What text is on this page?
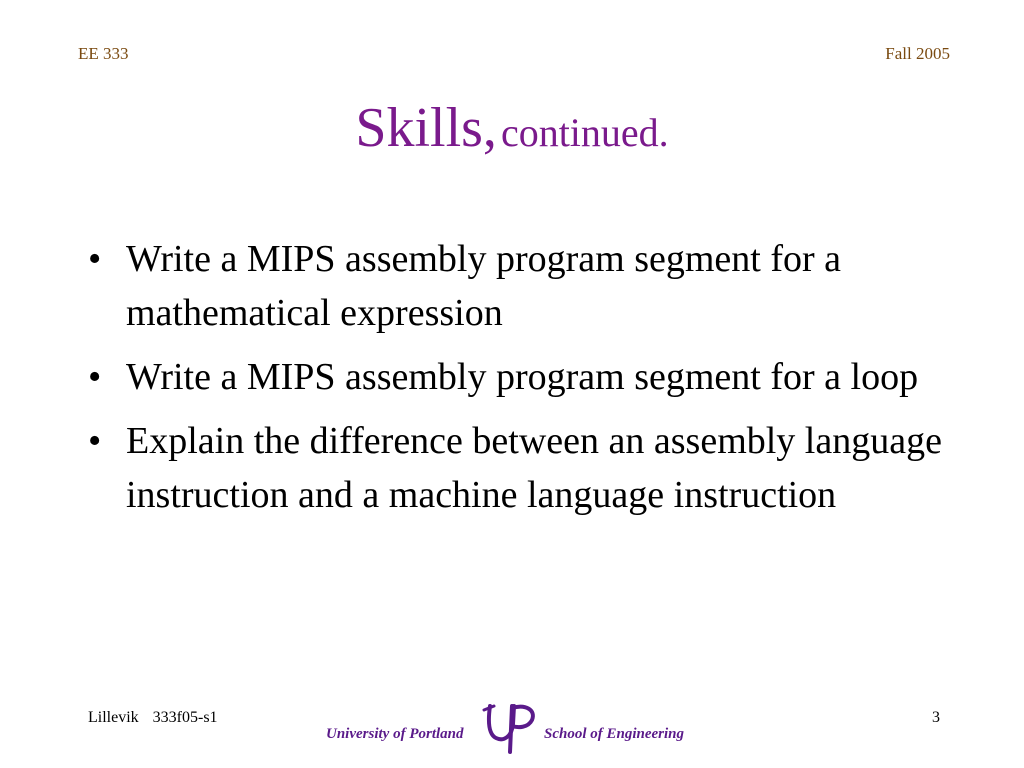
EE 333	Fall 2005
Skills, continued.
• Write a MIPS assembly program segment for a mathematical expression
• Write a MIPS assembly program segment for a loop
• Explain the difference between an assembly language instruction and a machine language instruction
Lillevik 333f05-s1
University of Portland	School of Engineering
3
